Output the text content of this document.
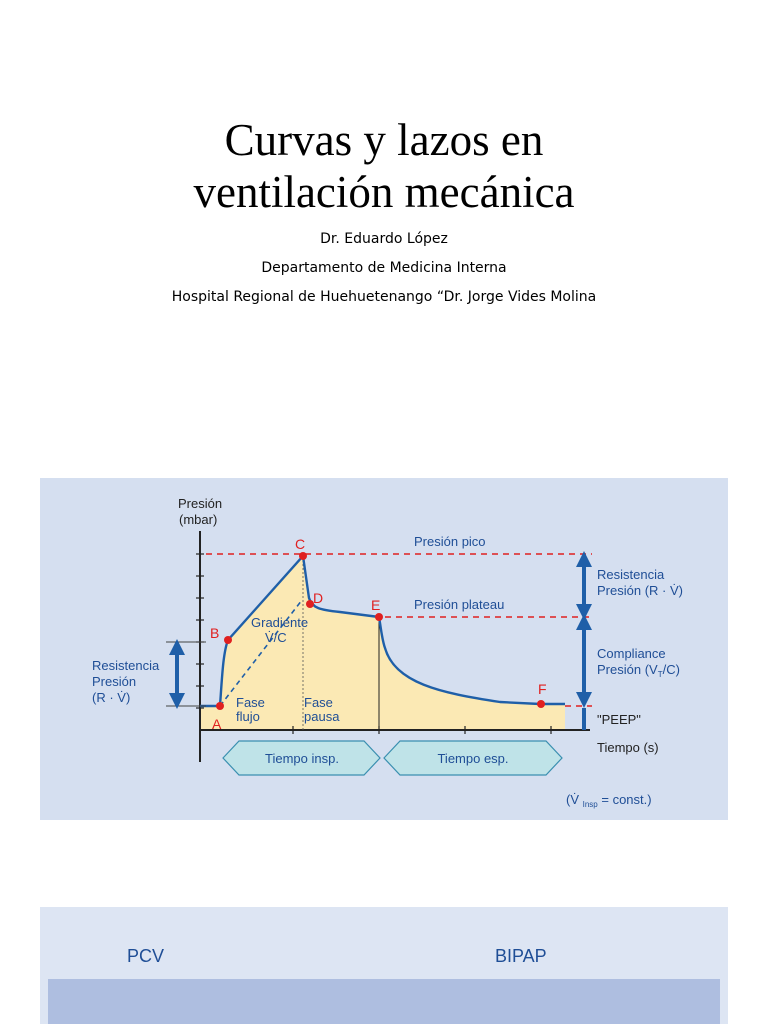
Curvas y lazos en
ventilación mecánica
Dr. Eduardo López
Departamento de Medicina Interna
Hospital Regional de Huehuetenango “Dr. Jorge Vides Molina
A
B
C
D	E
F
Presión
(mbar)
Tiempo (s)
"PEEP"
Presión pico
Presión plateau
Gradiente
V̇/C
Fase
flujo
Fase
pausa
Resistencia
Presión
(R · V̇)
Resistencia
Presión (R · V̇)
Compliance
Presión $(V_T/C)$
(V̇ $_{Insp}$ = const.)
Tiempo insp.	Tiempo esp.
PCV	BIPAP
